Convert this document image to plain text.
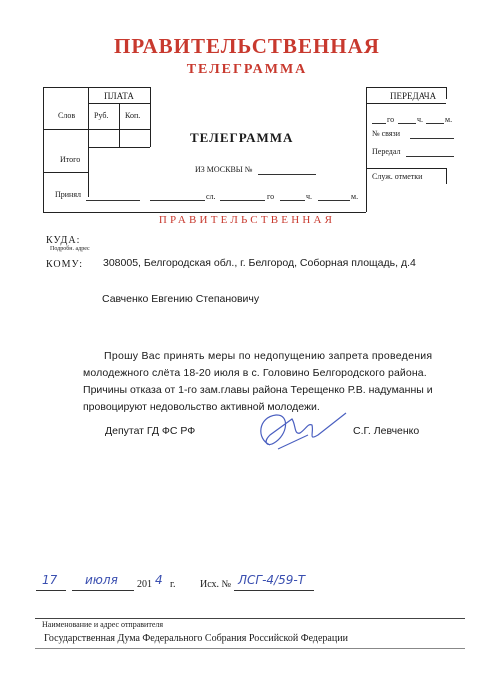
ПРАВИТЕЛЬСТВЕННАЯ
ТЕЛЕГРАММА
ПЛАТА
Слов Руб. Коп.
Итого
Принял
ТЕЛЕГРАММА
ИЗ МОСКВЫ №
сл.	го	ч.	м.
ПЕРЕДАЧА
го	ч.	м.
№ связи
Передал
Служ. отметки
ПРАВИТЕЛЬСТВЕННАЯ
КУДА:
Подробн. адрес
КОМУ: 308005, Белгородская обл., г. Белгород, Соборная площадь, д.4
Савченко Евгению Степановичу
Прошу Вас принять меры по недопущению запрета проведения
молодежного слёта 18-20 июля в с. Головино Белгородского района.
Причины отказа от 1-го зам.главы района Терещенко Р.В. надуманны и
провоцируют недовольство активной молодежи.
Депутат ГД ФС РФ	С.Г. Левченко
17 июля 201 4 г. Исх. № ЛСГ-4/59-Т
Наименование и адрес отправителя
Государственная Дума Федерального Собрания Российской Федерации
